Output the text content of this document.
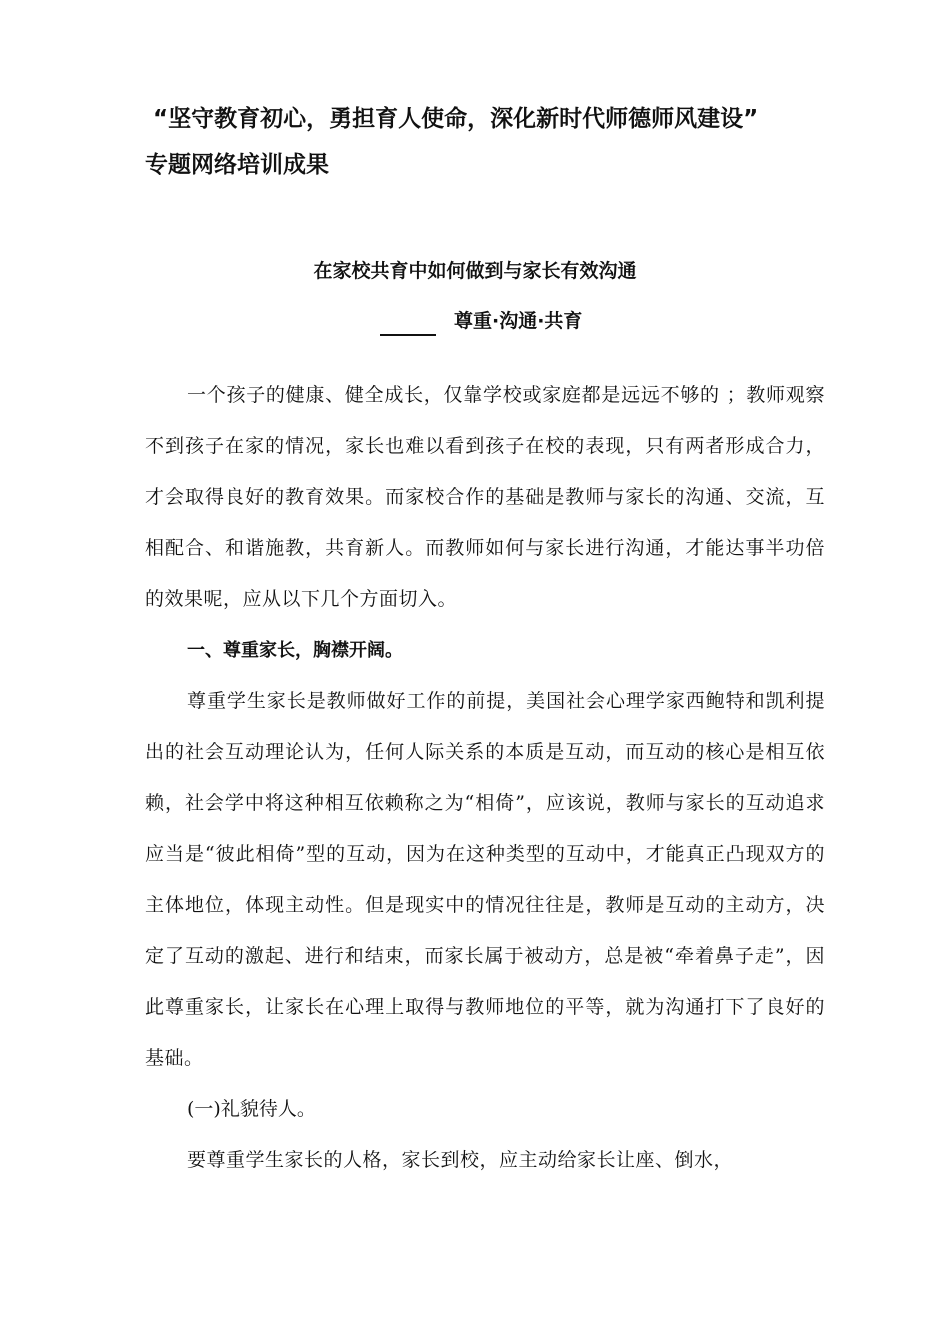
“坚守教育初心，勇担育人使命，深化新时代师德师风建设”
专题网络培训成果
在家校共育中如何做到与家长有效沟通
尊重·沟通·共育

一个孩子的健康、健全成长，仅靠学校或家庭都是远远不够的 ；教师观察不到孩子在家的情况，家长也难以看到孩子在校的表现，只有两者形成合力，才会取得良好的教育效果。而家校合作的基础是教师与家长的沟通、交流，互相配合、和谐施教，共育新人。而教师如何与家长进行沟通，才能达事半功倍的效果呢，应从以下几个方面切入。

一、尊重家长，胸襟开阔。

尊重学生家长是教师做好工作的前提，美国社会心理学家西鲍特和凯利提出的社会互动理论认为，任何人际关系的本质是互动，而互动的核心是相互依赖，社会学中将这种相互依赖称之为“相倚”，应该说，教师与家长的互动追求应当是“彼此相倚”型的互动，因为在这种类型的互动中，才能真正凸现双方的主体地位，体现主动性。但是现实中的情况往往是，教师是互动的主动方，决定了互动的激起、进行和结束，而家长属于被动方，总是被“牵着鼻子走”，因此尊重家长，让家长在心理上取得与教师地位的平等，就为沟通打下了良好的基础。

(一)礼貌待人。

要尊重学生家长的人格，家长到校，应主动给家长让座、倒水，
